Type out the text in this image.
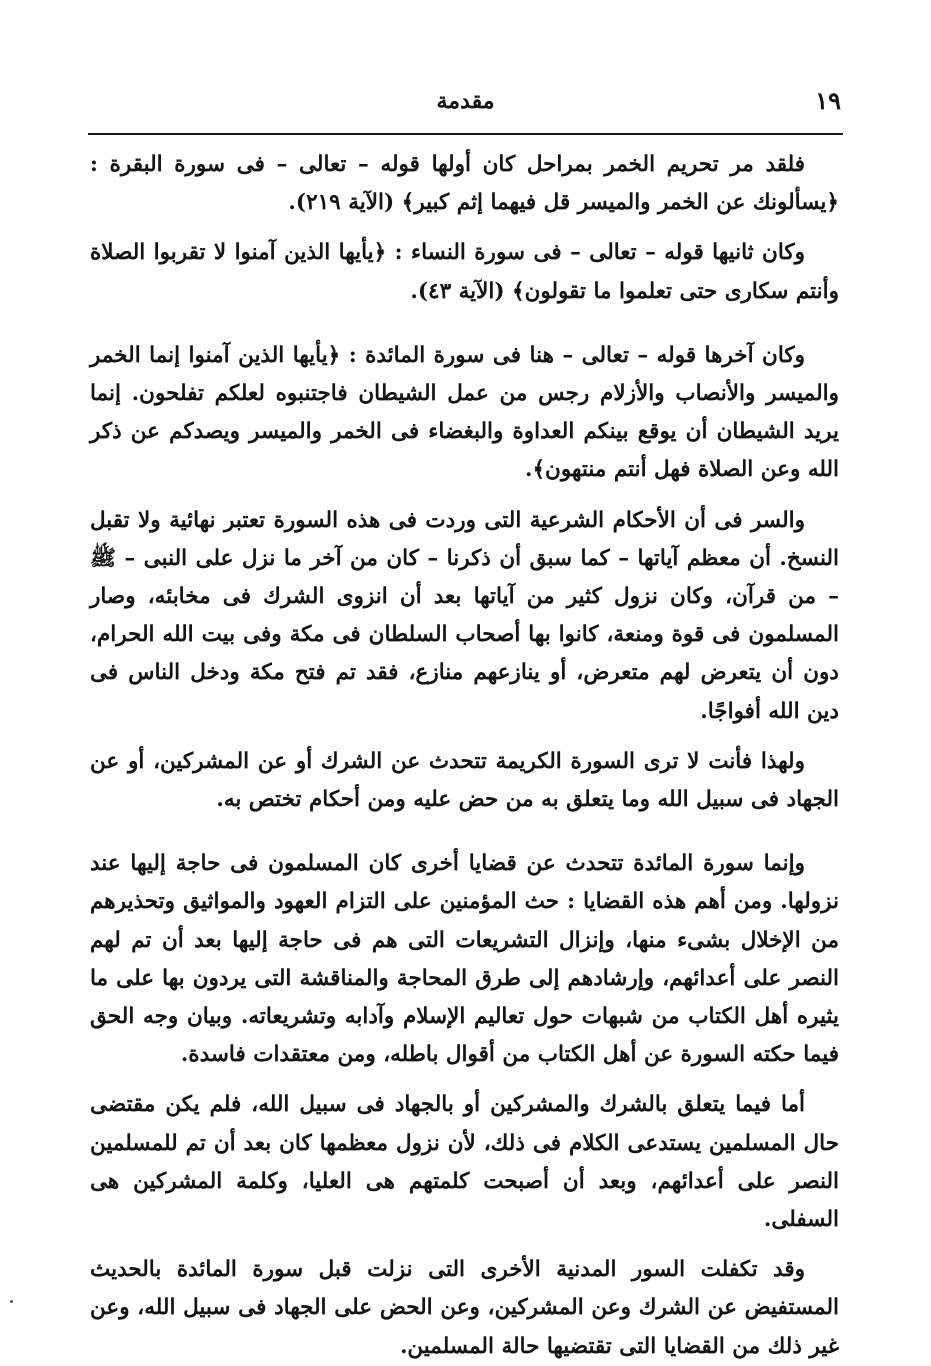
١٩
مقدمة

فلقد مر تحريم الخمر بمراحل كان أولها قوله – تعالى – فى سورة البقرة : ﴿يسألونك عن الخمر والميسر قل فيهما إثم كبير﴾ (الآية ٢١٩).

وكان ثانيها قوله – تعالى – فى سورة النساء : ﴿يأيها الذين آمنوا لا تقربوا الصلاة وأنتم سكارى حتى تعلموا ما تقولون﴾ (الآية ٤٣).

وكان آخرها قوله – تعالى – هنا فى سورة المائدة : ﴿يأيها الذين آمنوا إنما الخمر والميسر والأنصاب والأزلام رجس من عمل الشيطان فاجتنبوه لعلكم تفلحون. إنما يريد الشيطان أن يوقع بينكم العداوة والبغضاء فى الخمر والميسر ويصدكم عن ذكر الله وعن الصلاة فهل أنتم منتهون﴾.

والسر فى أن الأحكام الشرعية التى وردت فى هذه السورة تعتبر نهائية ولا تقبل النسخ. أن معظم آياتها – كما سبق أن ذكرنا – كان من آخر ما نزل على النبى – ﷺ – من قرآن، وكان نزول كثير من آياتها بعد أن انزوى الشرك فى مخابئه، وصار المسلمون فى قوة ومنعة، كانوا بها أصحاب السلطان فى مكة وفى بيت الله الحرام، دون أن يتعرض لهم متعرض، أو ينازعهم منازع، فقد تم فتح مكة ودخل الناس فى دين الله أفواجًا.

ولهذا فأنت لا ترى السورة الكريمة تتحدث عن الشرك أو عن المشركين، أو عن الجهاد فى سبيل الله وما يتعلق به من حض عليه ومن أحكام تختص به.

وإنما سورة المائدة تتحدث عن قضايا أخرى كان المسلمون فى حاجة إليها عند نزولها. ومن أهم هذه القضايا : حث المؤمنين على التزام العهود والمواثيق وتحذيرهم من الإخلال بشىء منها، وإنزال التشريعات التى هم فى حاجة إليها بعد أن تم لهم النصر على أعدائهم، وإرشادهم إلى طرق المحاجة والمناقشة التى يردون بها على ما يثيره أهل الكتاب من شبهات حول تعاليم الإسلام وآدابه وتشريعاته. وبيان وجه الحق فيما حكته السورة عن أهل الكتاب من أقوال باطله، ومن معتقدات فاسدة.

أما فيما يتعلق بالشرك والمشركين أو بالجهاد فى سبيل الله، فلم يكن مقتضى حال المسلمين يستدعى الكلام فى ذلك، لأن نزول معظمها كان بعد أن تم للمسلمين النصر على أعدائهم، وبعد أن أصبحت كلمتهم هى العليا، وكلمة المشركين هى السفلى.

وقد تكفلت السور المدنية الأخرى التى نزلت قبل سورة المائدة بالحديث المستفيض عن الشرك وعن المشركين، وعن الحض على الجهاد فى سبيل الله، وعن غير ذلك من القضايا التى تقتضيها حالة المسلمين.
